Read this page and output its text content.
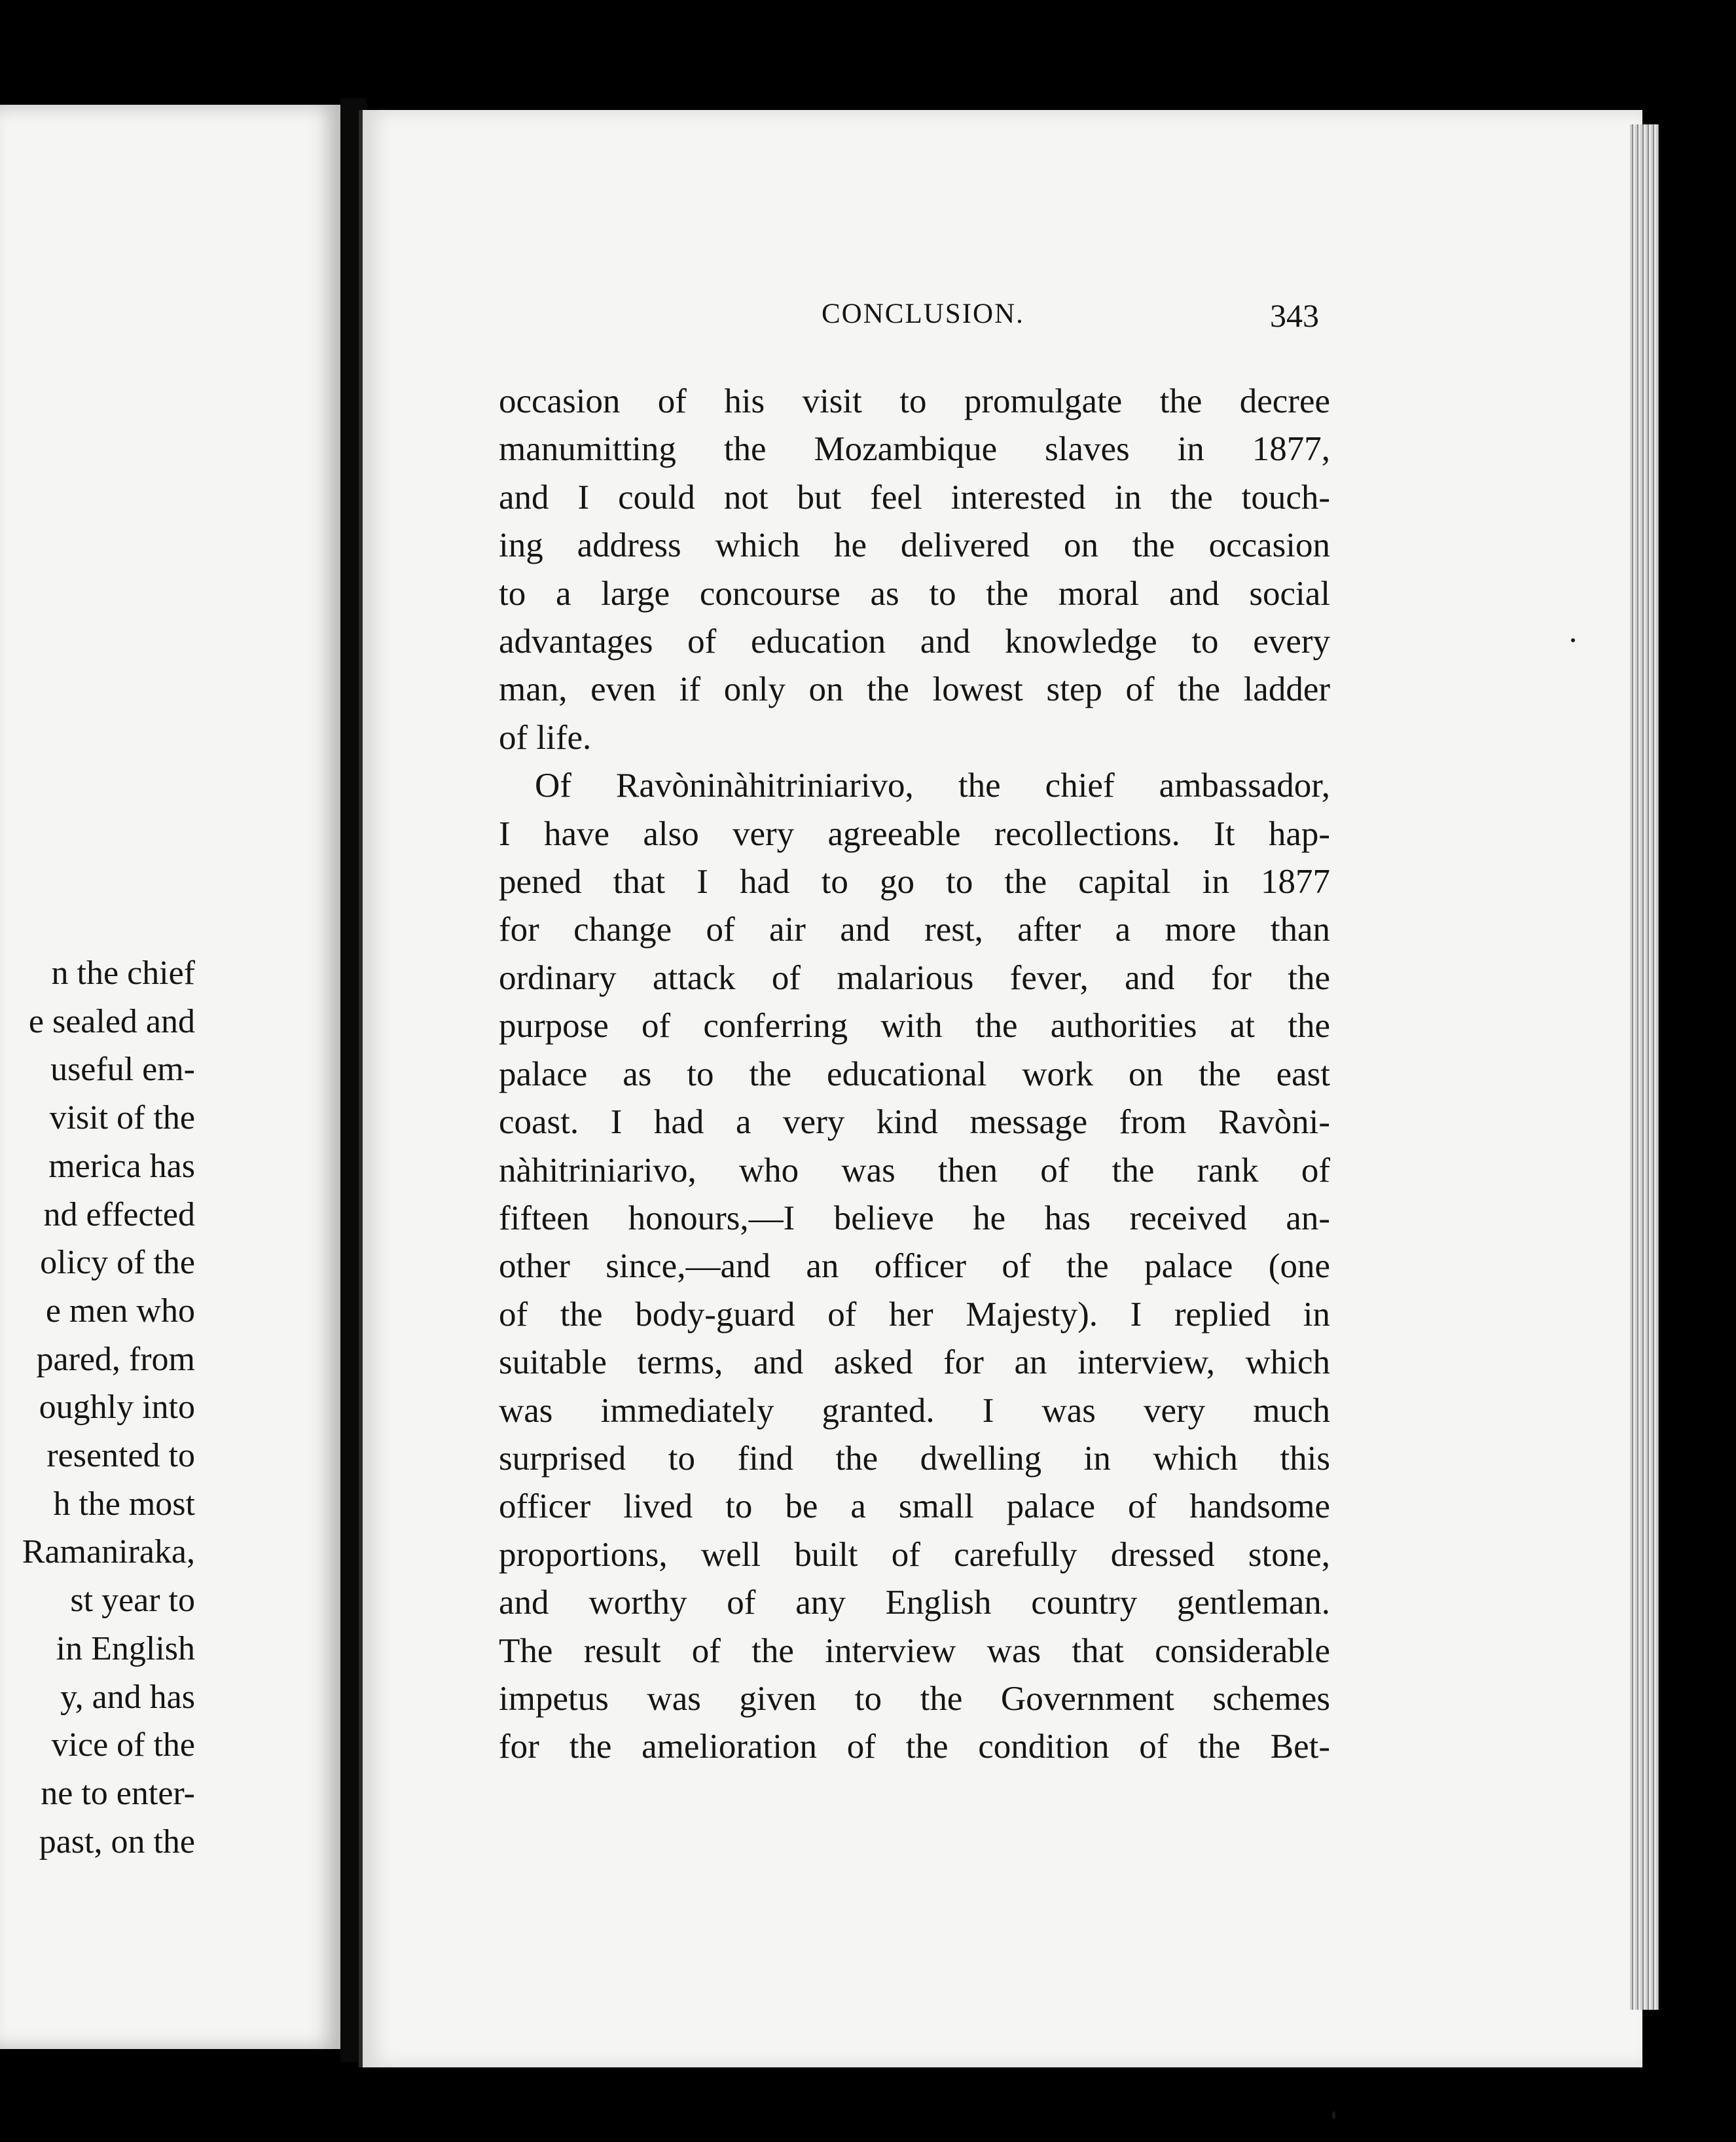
n the chief
e sealed and
useful em-
visit of the
merica has
nd effected
olicy of the
e men who
pared, from
oughly into
resented to
h the most
Ramaniraka,
st year to
in English
y, and has
vice of the
ne to enter-
past, on the
CONCLUSION.	343
occasion of his visit to promulgate the decree
manumitting the Mozambique slaves in 1877,
and I could not but feel interested in the touch-
ing address which he delivered on the occasion
to a large concourse as to the moral and social
advantages of education and knowledge to every
man, even if only on the lowest step of the ladder
of life.
Of Ravòninàhitriniarivo, the chief ambassador,
I have also very agreeable recollections. It hap-
pened that I had to go to the capital in 1877
for change of air and rest, after a more than
ordinary attack of malarious fever, and for the
purpose of conferring with the authorities at the
palace as to the educational work on the east
coast. I had a very kind message from Ravòni-
nàhitriniarivo, who was then of the rank of
fifteen honours,—I believe he has received an-
other since,—and an officer of the palace (one
of the body-guard of her Majesty). I replied in
suitable terms, and asked for an interview, which
was immediately granted. I was very much
surprised to find the dwelling in which this
officer lived to be a small palace of handsome
proportions, well built of carefully dressed stone,
and worthy of any English country gentleman.
The result of the interview was that considerable
impetus was given to the Government schemes
for the amelioration of the condition of the Bet-
